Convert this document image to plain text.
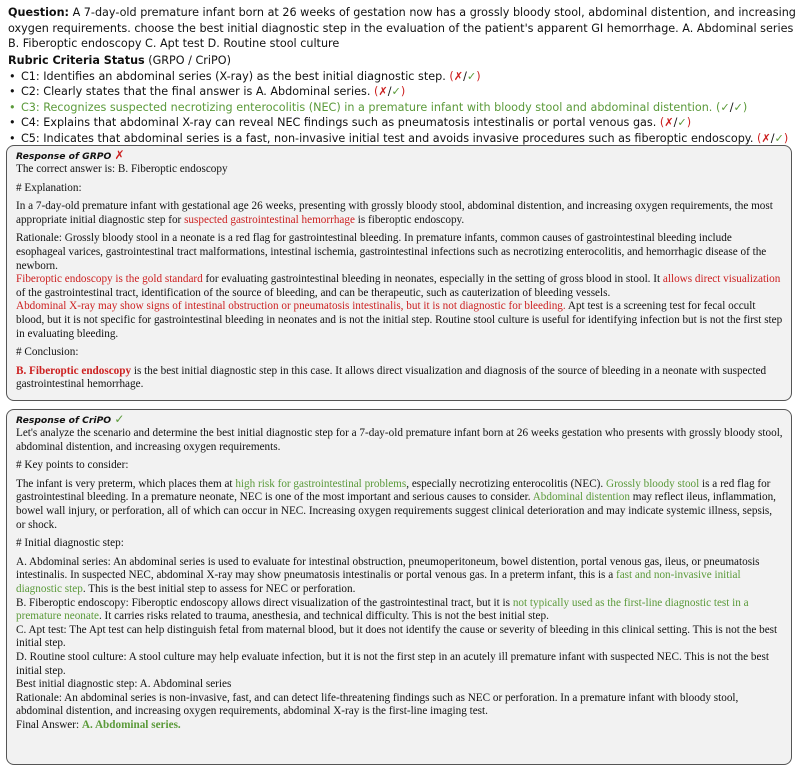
Question: A 7-day-old premature infant born at 26 weeks of gestation now has a grossly bloody stool, abdominal distention, and increasing oxygen requirements. choose the best initial diagnostic step in the evaluation of the patient's apparent GI hemorrhage. A. Abdominal series B. Fiberoptic endoscopy C. Apt test D. Routine stool culture
Rubric Criteria Status (GRPO / CriPO)
• C1: Identifies an abdominal series (X-ray) as the best initial diagnostic step. (✗/✓)
• C2: Clearly states that the final answer is A. Abdominal series. (✗/✓)
• C3: Recognizes suspected necrotizing enterocolitis (NEC) in a premature infant with bloody stool and abdominal distention. (✓/✓)
• C4: Explains that abdominal X-ray can reveal NEC findings such as pneumatosis intestinalis or portal venous gas. (✗/✓)
• C5: Indicates that abdominal series is a fast, non-invasive initial test and avoids invasive procedures such as fiberoptic endoscopy. (✗/✓)
Response of GRPO ✗

The correct answer is: B. Fiberoptic endoscopy

# Explanation:

In a 7-day-old premature infant with gestational age 26 weeks, presenting with grossly bloody stool, abdominal distention, and increasing oxygen requirements, the most appropriate initial diagnostic step for suspected gastrointestinal hemorrhage is fiberoptic endoscopy.

Rationale: Grossly bloody stool in a neonate is a red flag for gastrointestinal bleeding. In premature infants, common causes of gastrointestinal bleeding include esophageal varices, gastrointestinal tract malformations, intestinal ischemia, gastrointestinal infections such as necrotizing enterocolitis, and hemorrhagic disease of the newborn.

Fiberoptic endoscopy is the gold standard for evaluating gastrointestinal bleeding in neonates, especially in the setting of gross blood in stool. It allows direct visualization of the gastrointestinal tract, identification of the source of bleeding, and can be therapeutic, such as cauterization of bleeding vessels.

Abdominal X-ray may show signs of intestinal obstruction or pneumatosis intestinalis, but it is not diagnostic for bleeding. Apt test is a screening test for fecal occult blood, but it is not specific for gastrointestinal bleeding in neonates and is not the initial step. Routine stool culture is useful for identifying infection but is not the first step in evaluating bleeding.

# Conclusion:

B. Fiberoptic endoscopy is the best initial diagnostic step in this case. It allows direct visualization and diagnosis of the source of bleeding in a neonate with suspected gastrointestinal hemorrhage.

Response of CriPO ✓

Let's analyze the scenario and determine the best initial diagnostic step for a 7-day-old premature infant born at 26 weeks gestation who presents with grossly bloody stool, abdominal distention, and increasing oxygen requirements.

# Key points to consider:

The infant is very preterm, which places them at high risk for gastrointestinal problems, especially necrotizing enterocolitis (NEC). Grossly bloody stool is a red flag for gastrointestinal bleeding. In a premature neonate, NEC is one of the most important and serious causes to consider. Abdominal distention may reflect ileus, inflammation, bowel wall injury, or perforation, all of which can occur in NEC. Increasing oxygen requirements suggest clinical deterioration and may indicate systemic illness, sepsis, or shock.

# Initial diagnostic step:

A. Abdominal series: An abdominal series is used to evaluate for intestinal obstruction, pneumoperitoneum, bowel distention, portal venous gas, ileus, or pneumatosis intestinalis. In suspected NEC, abdominal X-ray may show pneumatosis intestinalis or portal venous gas. In a preterm infant, this is a fast and non-invasive initial diagnostic step. This is the best initial step to assess for NEC or perforation.

B. Fiberoptic endoscopy: Fiberoptic endoscopy allows direct visualization of the gastrointestinal tract, but it is not typically used as the first-line diagnostic test in a premature neonate. It carries risks related to trauma, anesthesia, and technical difficulty. This is not the best initial step.

C. Apt test: The Apt test can help distinguish fetal from maternal blood, but it does not identify the cause or severity of bleeding in this clinical setting. This is not the best initial step.

D. Routine stool culture: A stool culture may help evaluate infection, but it is not the first step in an acutely ill premature infant with suspected NEC. This is not the best initial step.

Best initial diagnostic step: A. Abdominal series

Rationale: An abdominal series is non-invasive, fast, and can detect life-threatening findings such as NEC or perforation. In a premature infant with bloody stool, abdominal distention, and increasing oxygen requirements, abdominal X-ray is the first-line imaging test.

Final Answer: A. Abdominal series.
